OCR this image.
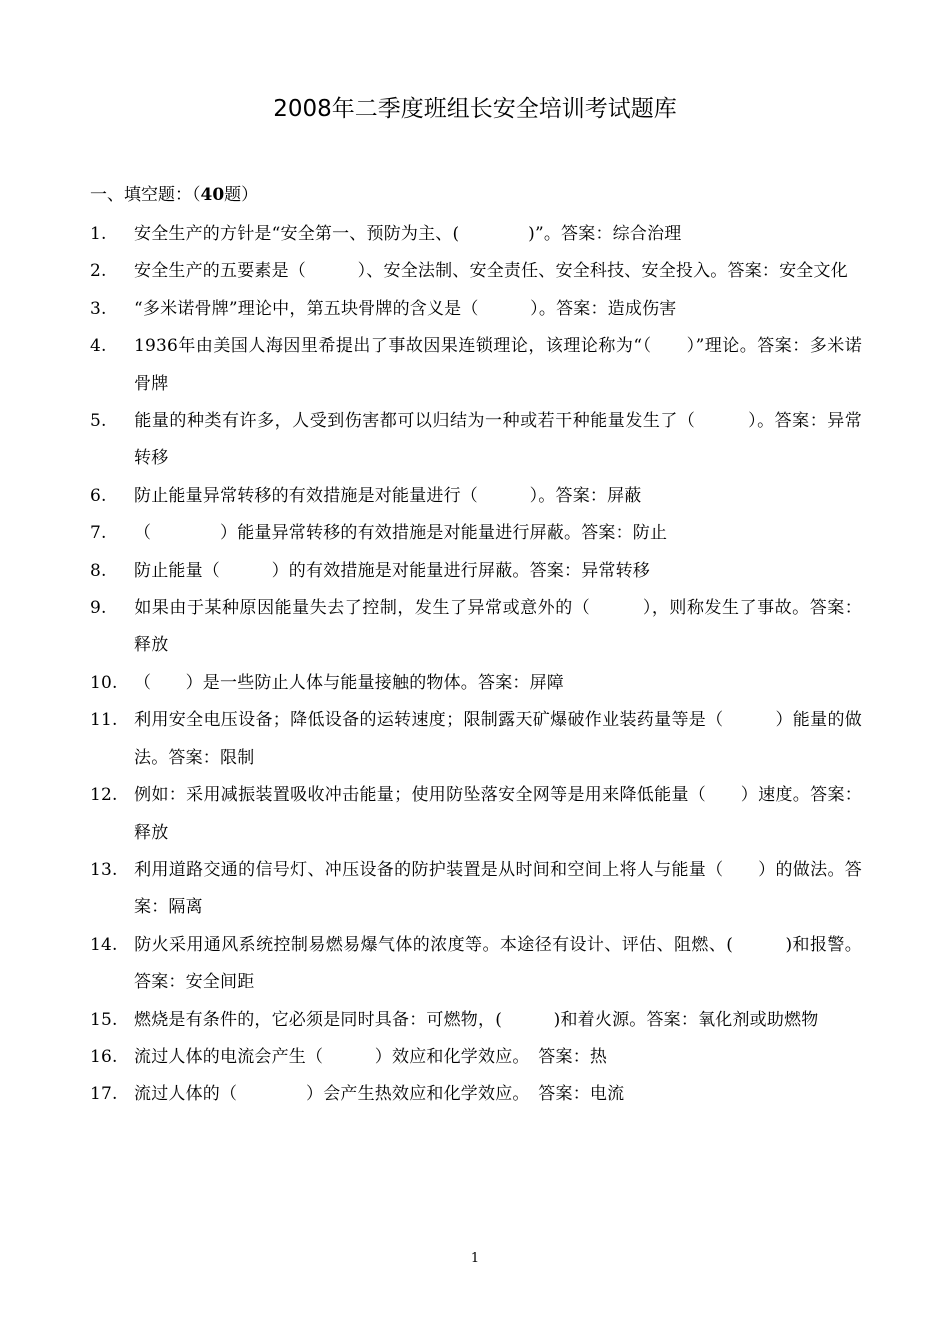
2008年二季度班组长安全培训考试题库

一、填空题：（40题）

1. 安全生产的方针是“安全第一、预防为主、(　　　　)”。答案：综合治理
2. 安全生产的五要素是（　　　）、安全法制、安全责任、安全科技、安全投入。答案：安全文化
3. “多米诺骨牌”理论中，第五块骨牌的含义是（　　　）。答案：造成伤害
4. 1936年由美国人海因里希提出了事故因果连锁理论，该理论称为“（　　）”理论。答案：多米诺骨牌
5. 能量的种类有许多，人受到伤害都可以归结为一种或若干种能量发生了（　　　）。答案：异常转移
6. 防止能量异常转移的有效措施是对能量进行（　　　）。答案：屏蔽
7. （　　　　）能量异常转移的有效措施是对能量进行屏蔽。答案：防止
8. 防止能量（　　　）的有效措施是对能量进行屏蔽。答案：异常转移
9. 如果由于某种原因能量失去了控制，发生了异常或意外的（　　　），则称发生了事故。答案：释放
10. （　　）是一些防止人体与能量接触的物体。答案：屏障
11. 利用安全电压设备；降低设备的运转速度；限制露天矿爆破作业装药量等是（　　　）能量的做法。答案：限制
12. 例如：采用减振装置吸收冲击能量；使用防坠落安全网等是用来降低能量（　　）速度。答案：释放
13. 利用道路交通的信号灯、冲压设备的防护装置是从时间和空间上将人与能量（　　）的做法。答案：隔离
14. 防火采用通风系统控制易燃易爆气体的浓度等。本途径有设计、评估、阻燃、(　　　)和报警。答案：安全间距
15. 燃烧是有条件的，它必须是同时具备：可燃物，(　　　)和着火源。答案：氧化剂或助燃物
16. 流过人体的电流会产生（　　　）效应和化学效应。　答案：热
17. 流过人体的（　　　　）会产生热效应和化学效应。　答案：电流
1
